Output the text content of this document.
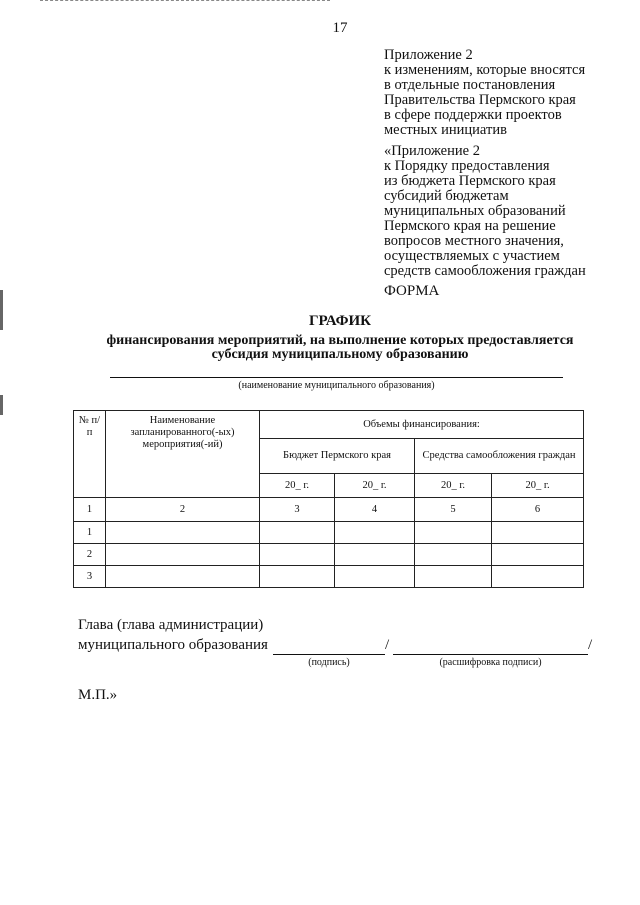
17
Приложение 2
к изменениям, которые вносятся
в отдельные постановления
Правительства Пермского края
в сфере поддержки проектов
местных инициатив
«Приложение 2
к Порядку предоставления
из бюджета Пермского края
субсидий бюджетам
муниципальных образований
Пермского края на решение
вопросов местного значения,
осуществляемых с участием
средств самообложения граждан
ФОРМА
ГРАФИК
финансирования мероприятий, на выполнение которых предоставляется
субсидия муниципальному образованию
(наименование муниципального образования)
№ п/п	Наименование запланированного(-ых) мероприятия(-ий)	Объемы финансирования:			
		Бюджет Пермского края		Средства самообложения граждан	
		20_ г.	20_ г.	20_ г.	20_ г.
1	2	3	4	5	6
1					
2					
3					
Глава (глава администрации)
муниципального образования	/	/
(подпись)	(расшифровка подписи)
М.П.»
